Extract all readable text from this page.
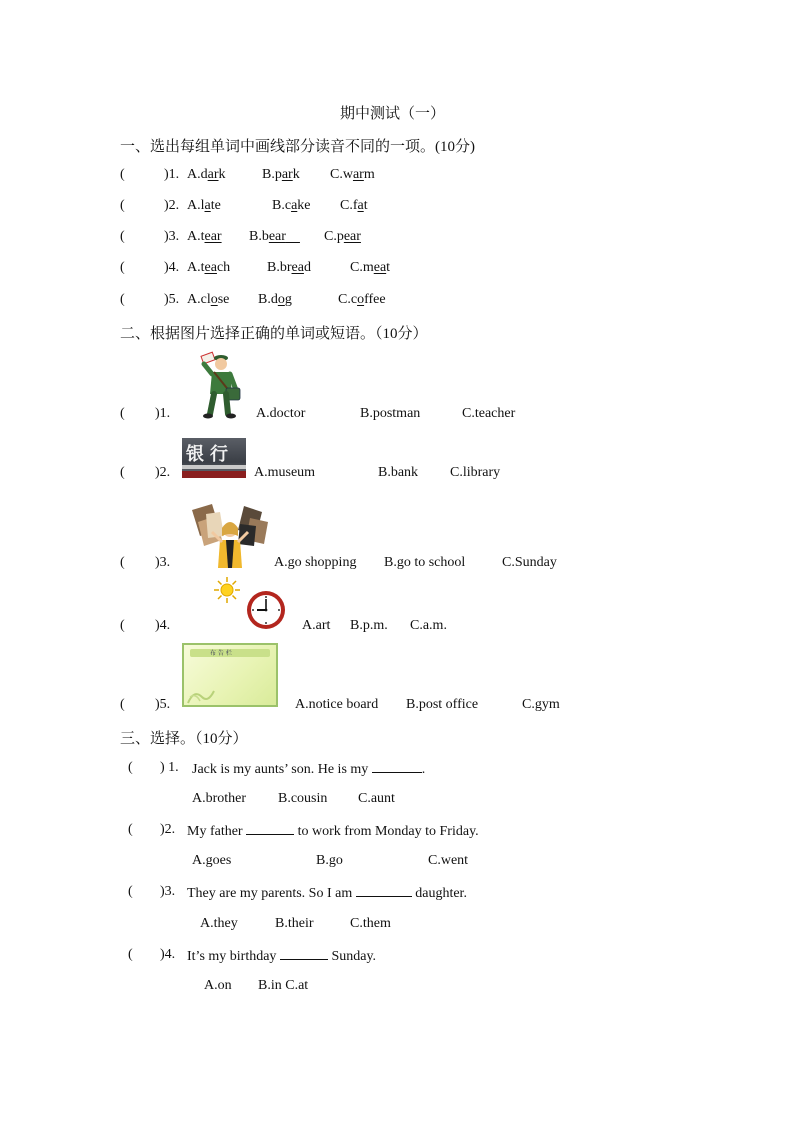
期中测试（一）
一、选出每组单词中画线部分读音不同的一项。(10分)
(	)1. A.dark	B.park C.warm
(	)2. A.late	B.cake C.fat
(	)3. A.tear B.bear	C.pear
(	)4. A.teach	B.bread	C.meat
(	)5. A.close B.dog	C.coffee
二、根据图片选择正确的单词或短语。（10分）
( )1.	A.doctor	B.postman	C.teacher
银行
( )2.	A.museum	B.bank C.library
( )3.	A.go shopping B.go to school	C.Sunday
( )4.	A.art B.p.m. C.a.m.
布 告 栏
( )5.	A.notice board B.post office	C.gym
三、选择。（10分）
( ) 1. Jack is my aunts’ son. He is my	.
A.brother B.cousin C.aunt
( )2. My father	to work from Monday to Friday.
A.goes	B.go	C.went
( )3. They are my parents. So I am	daughter.
A.they	B.their	C.them
( )4. It’s my birthday	Sunday.
A.on B.in C.at
